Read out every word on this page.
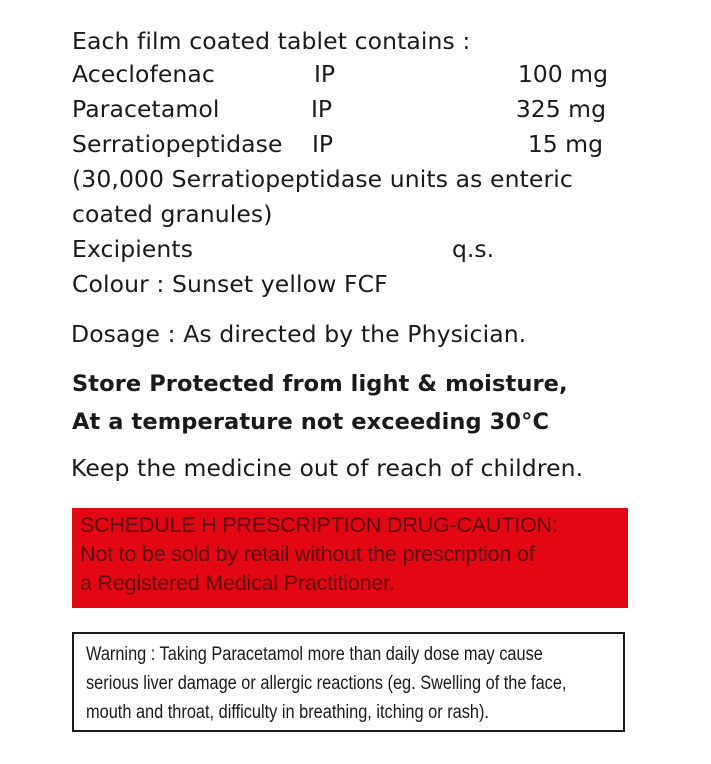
Each film coated tablet contains :
Aceclofenac	IP	100 mg
Paracetamol	IP	325 mg
Serratiopeptidase IP	15 mg
(30,000 Serratiopeptidase units as enteric
coated granules)
Excipients	q.s.
Colour : Sunset yellow FCF
Dosage : As directed by the Physician.
Store Protected from light & moisture,
At a temperature not exceeding 30°C
Keep the medicine out of reach of children.
SCHEDULE H PRESCRIPTION DRUG-CAUTION:
Not to be sold by retail without the prescription of
a Registered Medical Practitioner.
Warning : Taking Paracetamol more than daily dose may cause
serious liver damage or allergic reactions (eg. Swelling of the face,
mouth and throat, difficulty in breathing, itching or rash).
